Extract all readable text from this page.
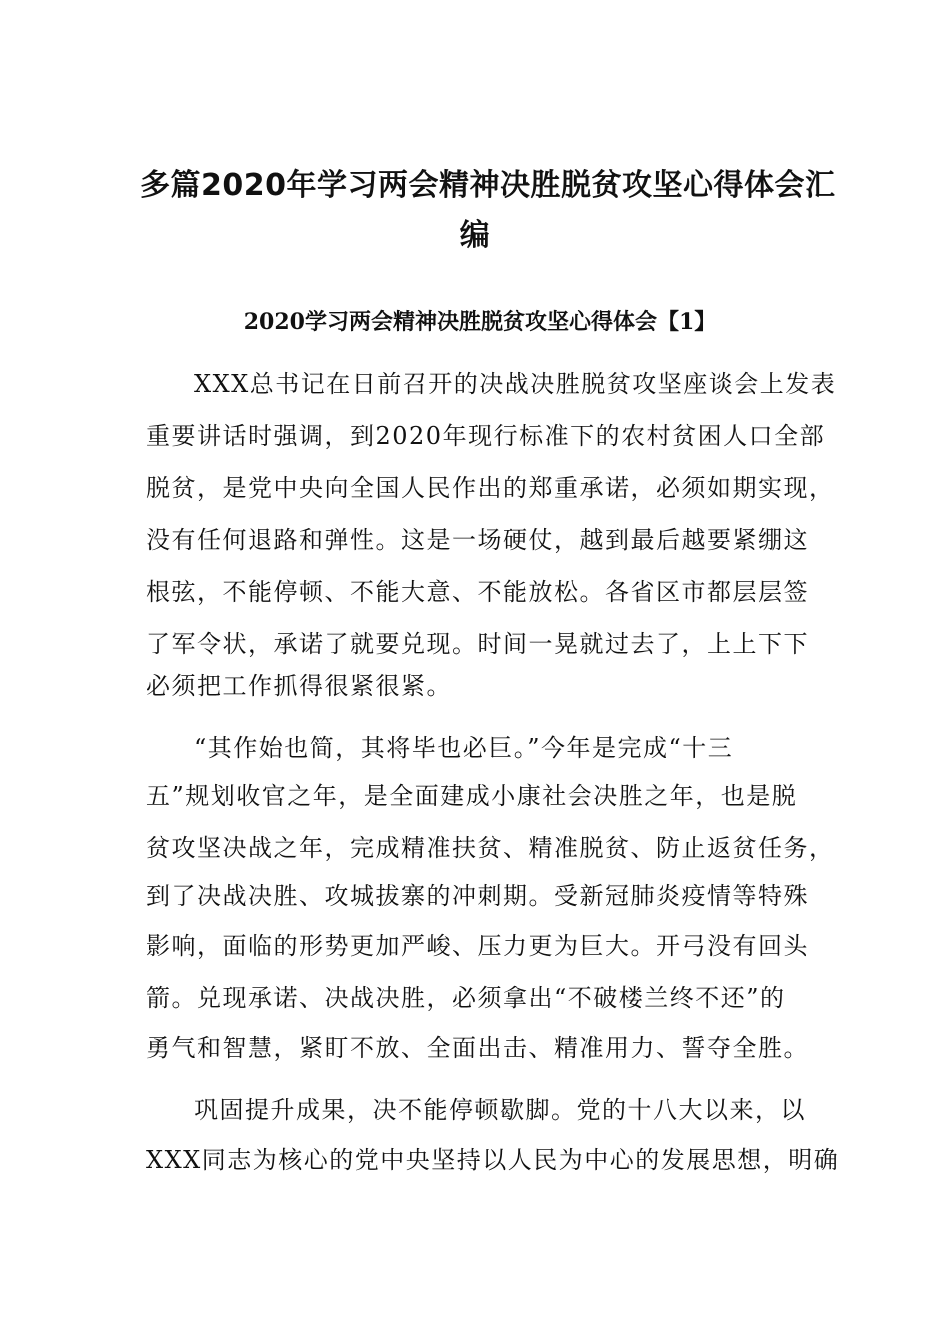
多篇2020年学习两会精神决胜脱贫攻坚心得体会汇
编
2020学习两会精神决胜脱贫攻坚心得体会【1】
XXX总书记在日前召开的决战决胜脱贫攻坚座谈会上发表
重要讲话时强调，到2020年现行标准下的农村贫困人口全部
脱贫，是党中央向全国人民作出的郑重承诺，必须如期实现，
没有任何退路和弹性。这是一场硬仗，越到最后越要紧绷这
根弦，不能停顿、不能大意、不能放松。各省区市都层层签
了军令状，承诺了就要兑现。时间一晃就过去了，上上下下
必须把工作抓得很紧很紧。
“其作始也简，其将毕也必巨。”今年是完成“十三
五”规划收官之年，是全面建成小康社会决胜之年，也是脱
贫攻坚决战之年，完成精准扶贫、精准脱贫、防止返贫任务，
到了决战决胜、攻城拔寨的冲刺期。受新冠肺炎疫情等特殊
影响，面临的形势更加严峻、压力更为巨大。开弓没有回头
箭。兑现承诺、决战决胜，必须拿出“不破楼兰终不还”的
勇气和智慧，紧盯不放、全面出击、精准用力、誓夺全胜。
巩固提升成果，决不能停顿歇脚。党的十八大以来，以
XXX同志为核心的党中央坚持以人民为中心的发展思想，明确
